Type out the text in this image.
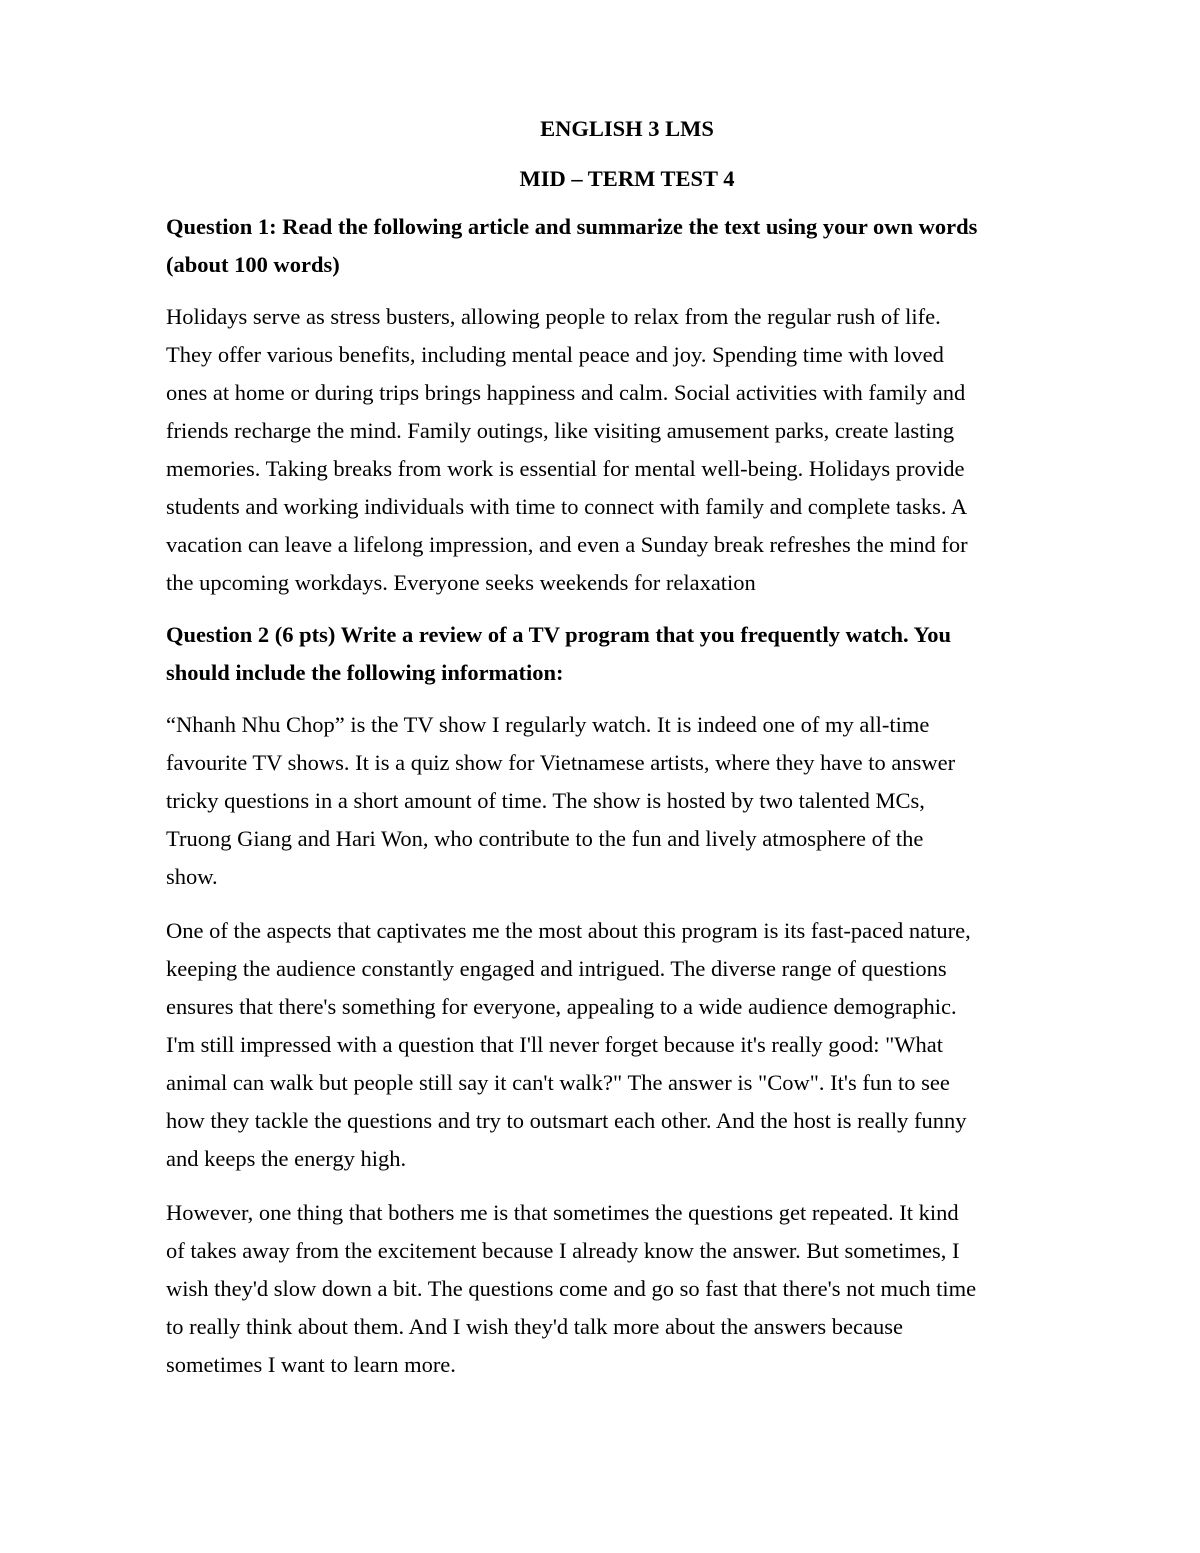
ENGLISH 3 LMS
MID – TERM TEST 4
Question 1: Read the following article and summarize the text using your own words
(about 100 words)
Holidays serve as stress busters, allowing people to relax from the regular rush of life.
They offer various benefits, including mental peace and joy. Spending time with loved
ones at home or during trips brings happiness and calm. Social activities with family and
friends recharge the mind. Family outings, like visiting amusement parks, create lasting
memories. Taking breaks from work is essential for mental well-being. Holidays provide
students and working individuals with time to connect with family and complete tasks. A
vacation can leave a lifelong impression, and even a Sunday break refreshes the mind for
the upcoming workdays. Everyone seeks weekends for relaxation
Question 2 (6 pts) Write a review of a TV program that you frequently watch. You
should include the following information:
“Nhanh Nhu Chop” is the TV show I regularly watch. It is indeed one of my all-time
favourite TV shows. It is a quiz show for Vietnamese artists, where they have to answer
tricky questions in a short amount of time. The show is hosted by two talented MCs,
Truong Giang and Hari Won, who contribute to the fun and lively atmosphere of the
show.
One of the aspects that captivates me the most about this program is its fast-paced nature,
keeping the audience constantly engaged and intrigued. The diverse range of questions
ensures that there's something for everyone, appealing to a wide audience demographic.
I'm still impressed with a question that I'll never forget because it's really good: "What
animal can walk but people still say it can't walk?" The answer is "Cow". It's fun to see
how they tackle the questions and try to outsmart each other. And the host is really funny
and keeps the energy high.
However, one thing that bothers me is that sometimes the questions get repeated. It kind
of takes away from the excitement because I already know the answer. But sometimes, I
wish they'd slow down a bit. The questions come and go so fast that there's not much time
to really think about them. And I wish they'd talk more about the answers because
sometimes I want to learn more.
